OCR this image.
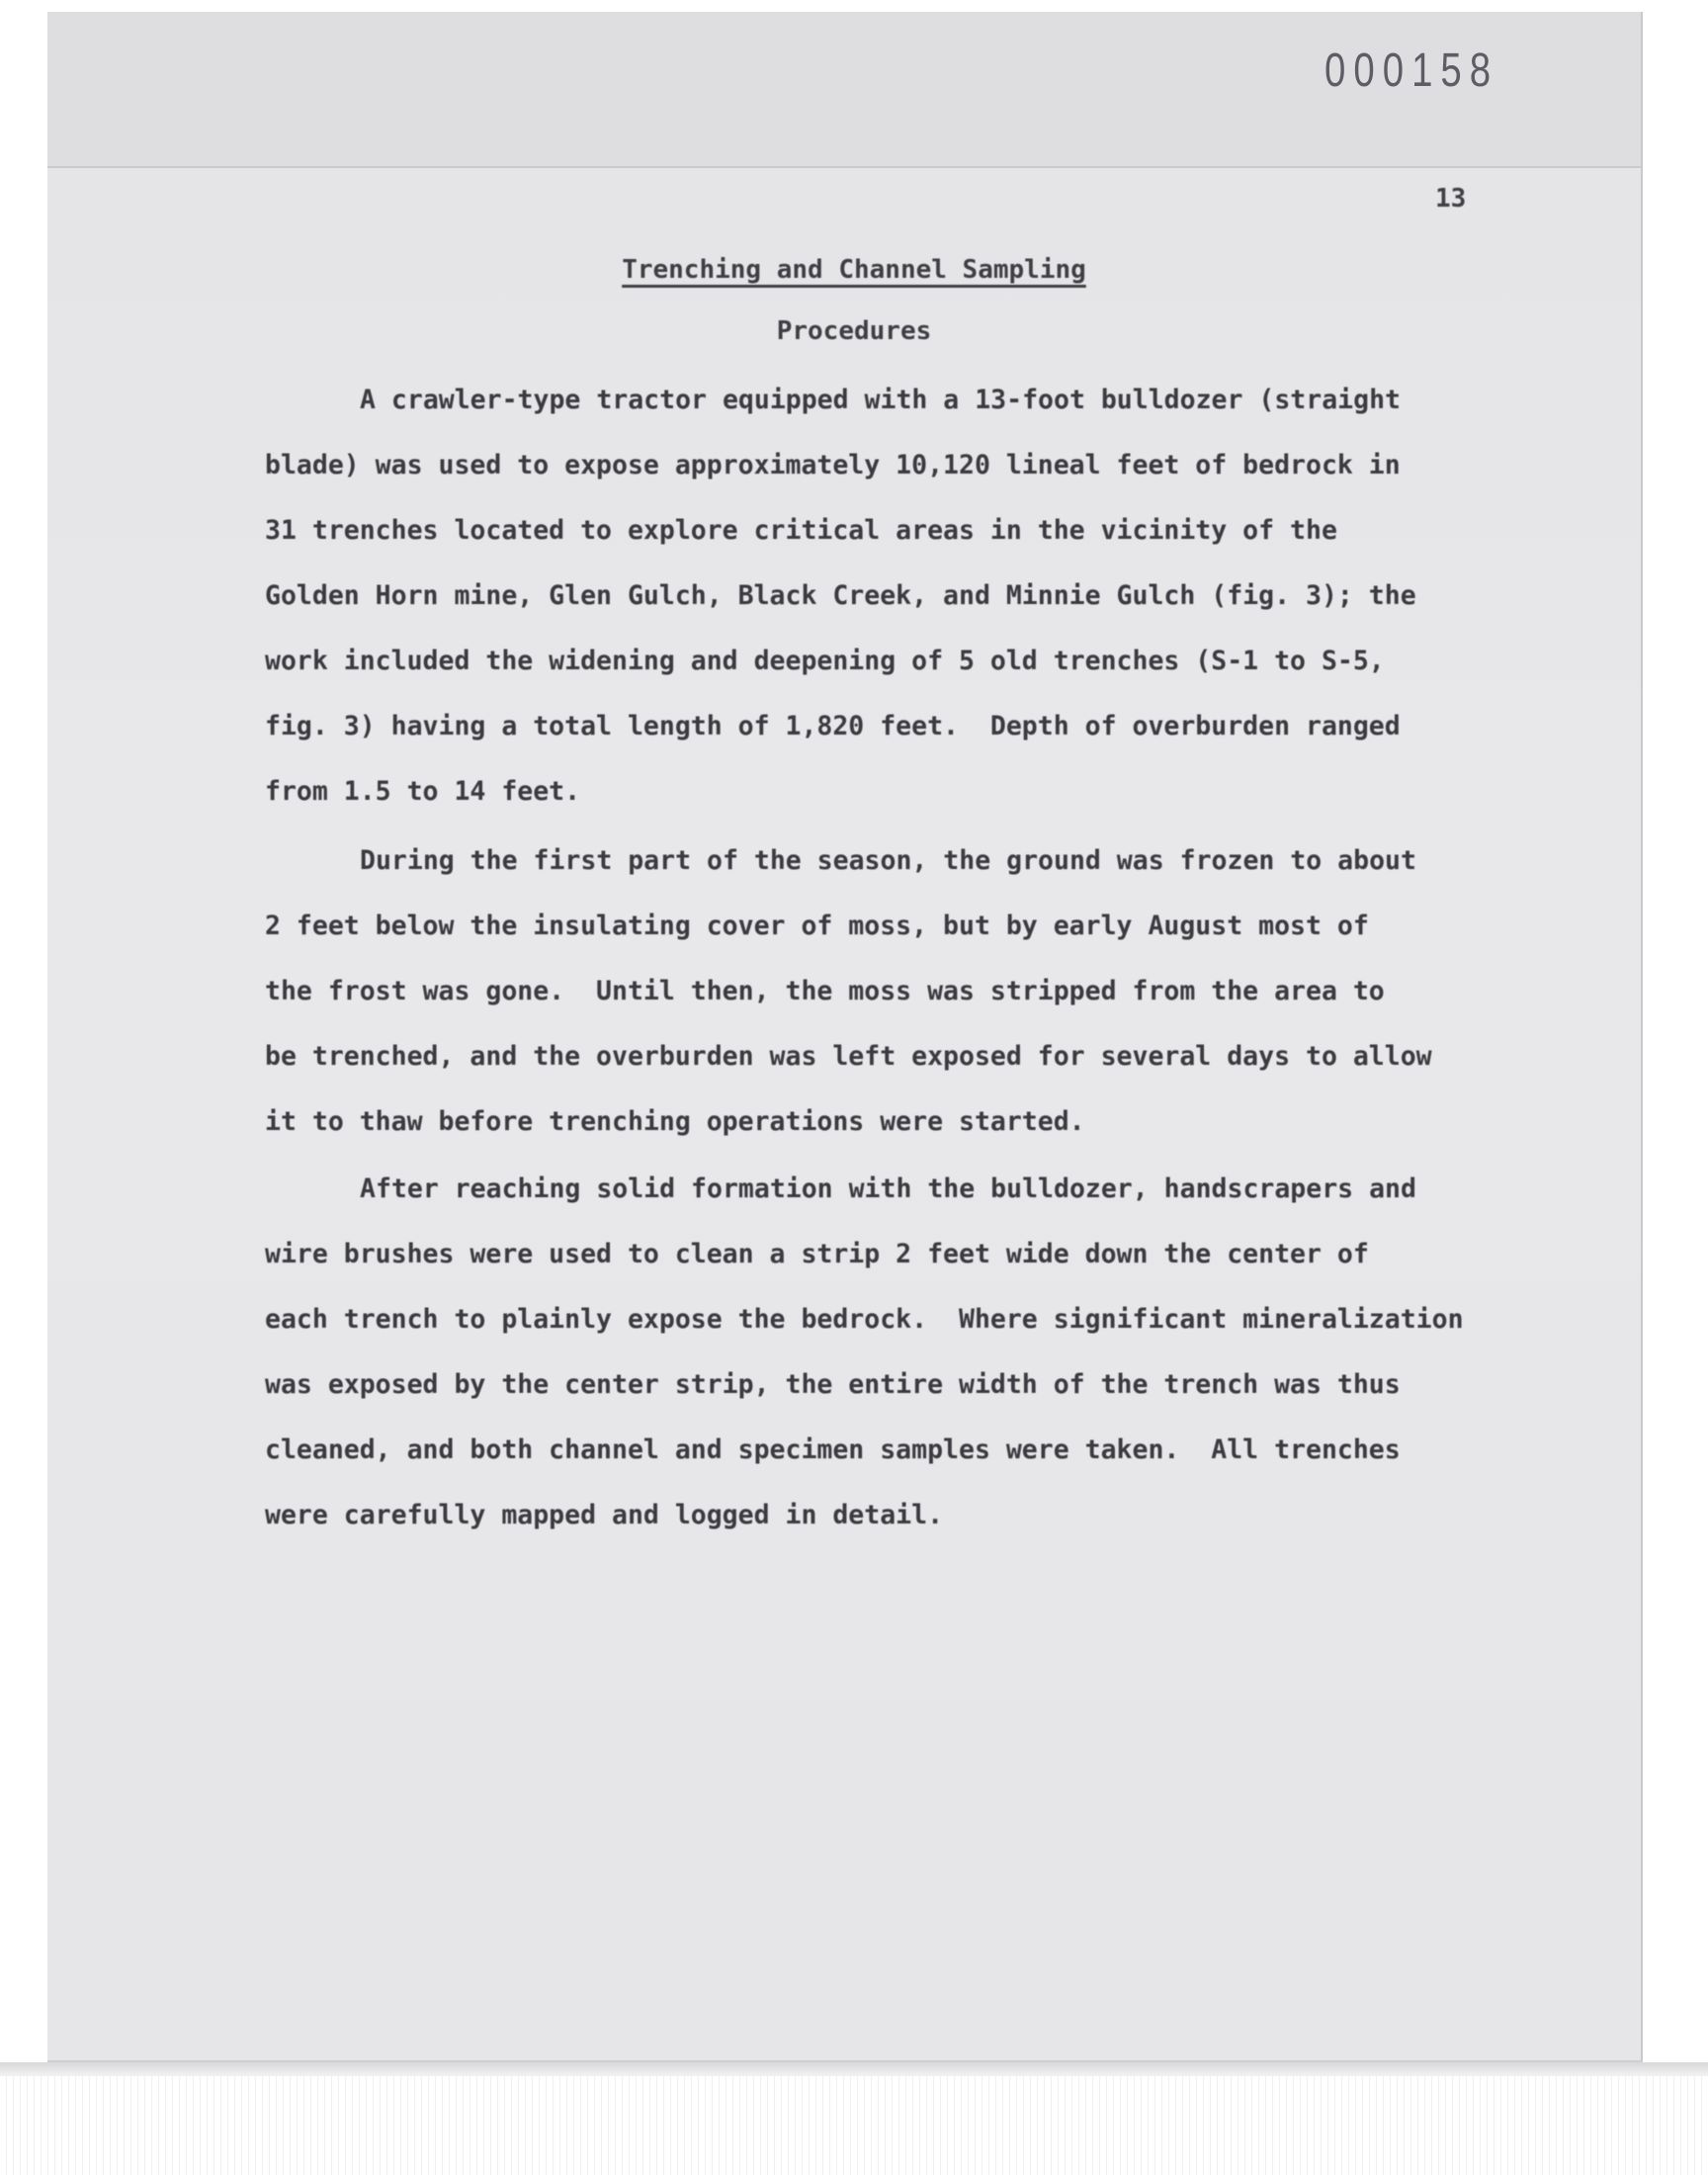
000158
13
Trenching and Channel Sampling
Procedures
A crawler-type tractor equipped with a 13-foot bulldozer (straight
blade) was used to expose approximately 10,120 lineal feet of bedrock in
31 trenches located to explore critical areas in the vicinity of the
Golden Horn mine, Glen Gulch, Black Creek, and Minnie Gulch (fig. 3); the
work included the widening and deepening of 5 old trenches (S-1 to S-5,
fig. 3) having a total length of 1,820 feet.  Depth of overburden ranged
from 1.5 to 14 feet.
During the first part of the season, the ground was frozen to about
2 feet below the insulating cover of moss, but by early August most of
the frost was gone.  Until then, the moss was stripped from the area to
be trenched, and the overburden was left exposed for several days to allow
it to thaw before trenching operations were started.
After reaching solid formation with the bulldozer, handscrapers and
wire brushes were used to clean a strip 2 feet wide down the center of
each trench to plainly expose the bedrock.  Where significant mineralization
was exposed by the center strip, the entire width of the trench was thus
cleaned, and both channel and specimen samples were taken.  All trenches
were carefully mapped and logged in detail.
